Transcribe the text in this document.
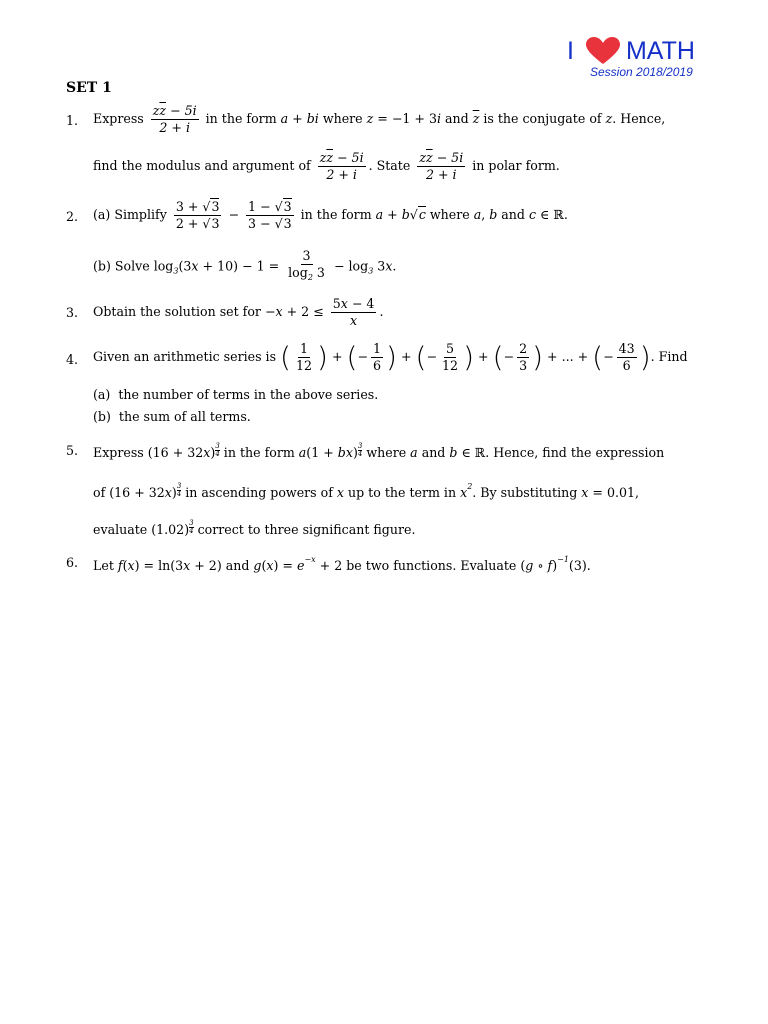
I MATH
Session 2018/2019
SET 1
1. Express $\frac{z\overline{z} - 5i}{2 + i}$ in the form a + bi where z = −1 + 3i and $\overline{z}$ is the conjugate of z. Hence,
find the modulus and argument of $\frac{z\overline{z} - 5i}{2 + i}$ . State $\frac{z\overline{z} - 5i}{2 + i}$ in polar form.
2. (a) Simplify $\frac{3 + √3}{2 + √3} - \frac{1 - √3}{3 - √3}$ in the form a + b√c where a, b and c ∈ ℝ.
(b) Solve $\log_3(3x + 10) - 1 = \frac{3}{\log_2 3} - \log_3 3x$.
3. Obtain the solution set for $-x + 2 \le \frac{5x - 4}{x}$ .
4. Given an arithmetic series is ( $\frac{1}{12}$ ) + (− $\frac{1}{6}$ ) + (− $\frac{5}{12}$ ) + (− $\frac{2}{3}$ ) + ... + (− $\frac{43}{6}$ ). Find
(a)  the number of terms in the above series.
(b)  the sum of all terms.
5. Express $(16 + 32x) \frac{3}{4}$ in the form $a(1 + bx) \frac{3}{4}$ where a and b ∈ ℝ. Hence, find the expression
of $(16 + 32x) \frac{3}{4}$ in ascending powers of x up to the term in $x^2$. By substituting x = 0.01,
evaluate $(1.02) \frac{3}{4}$ correct to three significant figure.
6. Let f(x) = ln(3x + 2) and $g(x) = e^{-x} + 2$ be two functions. Evaluate (g ∘ f)$^{-1}$(3).
